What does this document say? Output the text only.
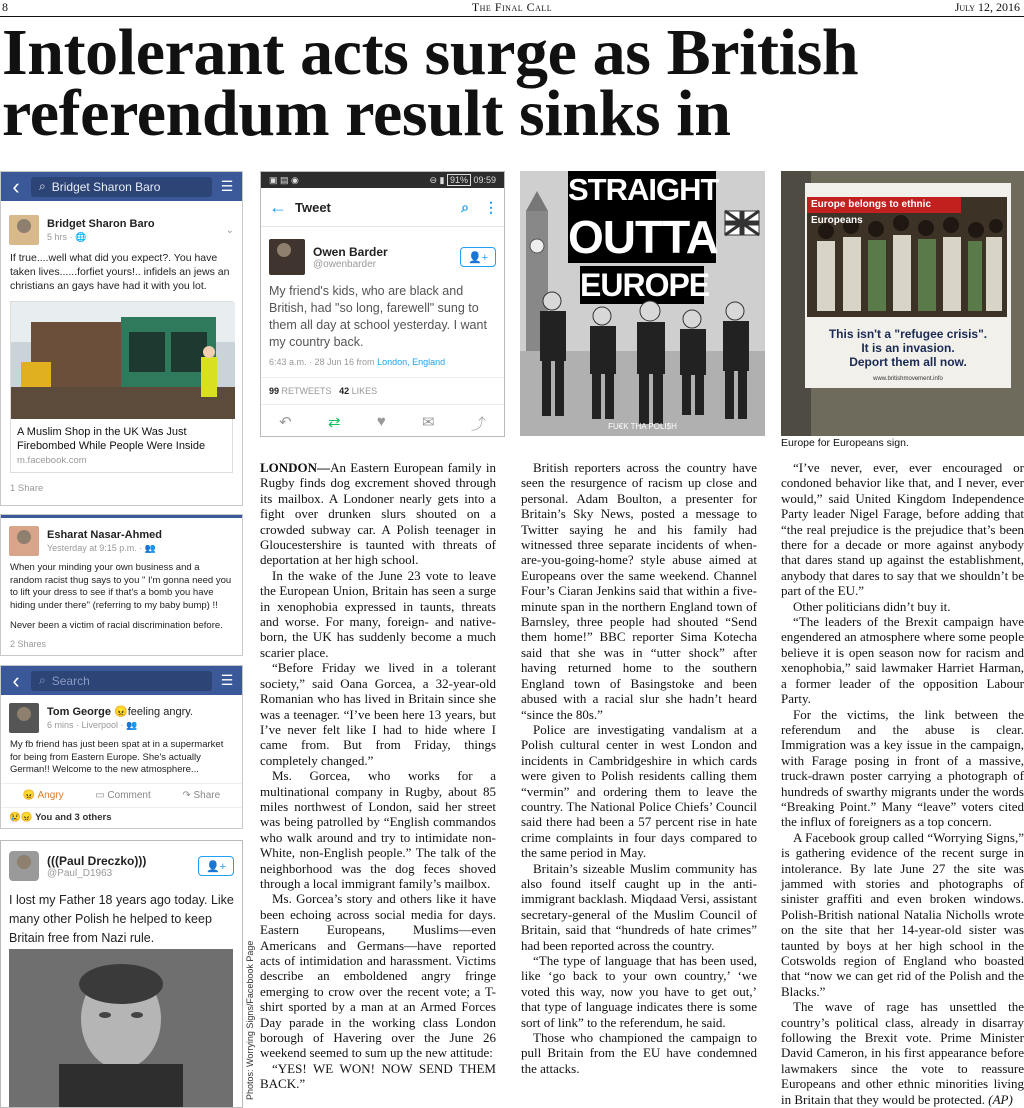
8	The Final Call	July 12, 2016
Intolerant acts surge as British referendum result sinks in
‹	⌕ Bridget Sharon Baro	☰
Bridget Sharon Baro
5 hrs · 🌐
⌄
If true....well what did you expect?. You have taken lives......forfiet yours!.. infidels an jews an christians an gays have had it with you lot.
A Muslim Shop in the UK Was Just Firebombed While People Were Inside
m.facebook.com
1 Share
Esharat Nasar-Ahmed
Yesterday at 9:15 p.m. · 👥
When your minding your own business and a random racist thug says to you " I'm gonna need you to lift your dress to see if that's a bomb you have hiding under there" (referring to my baby bump) !!
Never been a victim of racial discrimination before.
2 Shares
‹	⌕ Search	☰
Tom George 😠feeling angry.
6 mins · Liverpool · 👥
My fb friend has just been spat at in a supermarket for being from Eastern Europe. She's actually German!! Welcome to the new atmosphere...
😠 Angry	▭ Comment	↷ Share
😢😠 You and 3 others
(((Paul Dreczko)))
@Paul_D1963
👤+
I lost my Father 18 years ago today. Like many other Polish he helped to keep Britain free from Nazi rule.
▣ ▤ ◉	⊖ ▮ 91% 09:59
← Tweet	⌕	⋮
Owen Barder
@owenbarder
👤+
My friend's kids, who are black and British, had "so long, farewell" sung to them all day at school yesterday. I want my country back.
6:43 a.m. · 28 Jun 16 from London, England
99 RETWEETS 42 LIKES
↶ ⇄ ♥ ✉ ⤴
STRAIGHT
OUTTA
EUROPE
FU€K THA POLI$H
Europe belongs to ethnic Europeans
This isn't a "refugee crisis".
It is an invasion.
Deport them all now.
www.britishmovement.info
Europe for Europeans sign.
Photos: Worrying Signs/Facebook Page

LONDON—An Eastern European family in Rugby finds dog excrement shoved through its mailbox. A Londoner nearly gets into a fight over drunken slurs shouted on a crowded subway car. A Polish teenager in Gloucestershire is taunted with threats of deportation at her high school.

In the wake of the June 23 vote to leave the European Union, Britain has seen a surge in xenophobia expressed in taunts, threats and worse. For many, foreign- and native-born, the UK has suddenly become a much scarier place.

“Before Friday we lived in a tolerant society,” said Oana Gorcea, a 32-year-old Romanian who has lived in Britain since she was a teenager. “I’ve been here 13 years, but I’ve never felt like I had to hide where I came from. But from Friday, things completely changed.”

Ms. Gorcea, who works for a multinational company in Rugby, about 85 miles northwest of London, said her street was being patrolled by “English commandos who walk around and try to intimidate non-White, non-English people.” The talk of the neighborhood was the dog feces shoved through a local immigrant family’s mailbox.

Ms. Gorcea’s story and others like it have been echoing across social media for days. Eastern Europeans, Muslims—even Americans and Germans—have reported acts of intimidation and harassment. Victims describe an emboldened angry fringe emerging to crow over the recent vote; a T-shirt sported by a man at an Armed Forces Day parade in the working class London borough of Havering over the June 26 weekend seemed to sum up the new attitude:

“YES! WE WON! NOW SEND THEM BACK.”

British reporters across the country have seen the resurgence of racism up close and personal. Adam Boulton, a presenter for Britain’s Sky News, posted a message to Twitter saying he and his family had witnessed three separate incidents of when-are-you-going-home? style abuse aimed at Europeans over the same weekend. Channel Four’s Ciaran Jenkins said that within a five-minute span in the northern England town of Barnsley, three people had shouted “Send them home!” BBC reporter Sima Kotecha said that she was in “utter shock” after having returned home to the southern England town of Basingstoke and been abused with a racial slur she hadn’t heard “since the 80s.”

Police are investigating vandalism at a Polish cultural center in west London and incidents in Cambridgeshire in which cards were given to Polish residents calling them “vermin” and ordering them to leave the country. The National Police Chiefs’ Council said there had been a 57 percent rise in hate crime complaints in four days compared to the same period in May.

Britain’s sizeable Muslim community has also found itself caught up in the anti-immigrant backlash. Miqdaad Versi, assistant secretary-general of the Muslim Council of Britain, said that “hundreds of hate crimes” had been reported across the country.

“The type of language that has been used, like ‘go back to your own country,’ ‘we voted this way, now you have to get out,’ that type of language indicates there is some sort of link” to the referendum, he said.

Those who championed the campaign to pull Britain from the EU have condemned the attacks.

“I’ve never, ever, ever encouraged or condoned behavior like that, and I never, ever would,” said United Kingdom Independence Party leader Nigel Farage, before adding that “the real prejudice is the prejudice that’s been there for a decade or more against anybody that dares stand up against the establishment, anybody that dares to say that we shouldn’t be part of the EU.”

Other politicians didn’t buy it.

“The leaders of the Brexit campaign have engendered an atmosphere where some people believe it is open season now for racism and xenophobia,” said lawmaker Harriet Harman, a former leader of the opposition Labour Party.

For the victims, the link between the referendum and the abuse is clear. Immigration was a key issue in the campaign, with Farage posing in front of a massive, truck-drawn poster carrying a photograph of hundreds of swarthy migrants under the words “Breaking Point.” Many “leave” voters cited the influx of foreigners as a top concern.

A Facebook group called “Worrying Signs,” is gathering evidence of the recent surge in intolerance. By late June 27 the site was jammed with stories and photographs of sinister graffiti and even broken windows. Polish-British national Natalia Nicholls wrote on the site that her 14-year-old sister was taunted by boys at her high school in the Cotswolds region of England who boasted that “now we can get rid of the Polish and the Blacks.”

The wave of rage has unsettled the country’s political class, already in disarray following the Brexit vote. Prime Minister David Cameron, in his first appearance before lawmakers since the vote to reassure Europeans and other ethnic minorities living in Britain that they would be protected. (AP)
